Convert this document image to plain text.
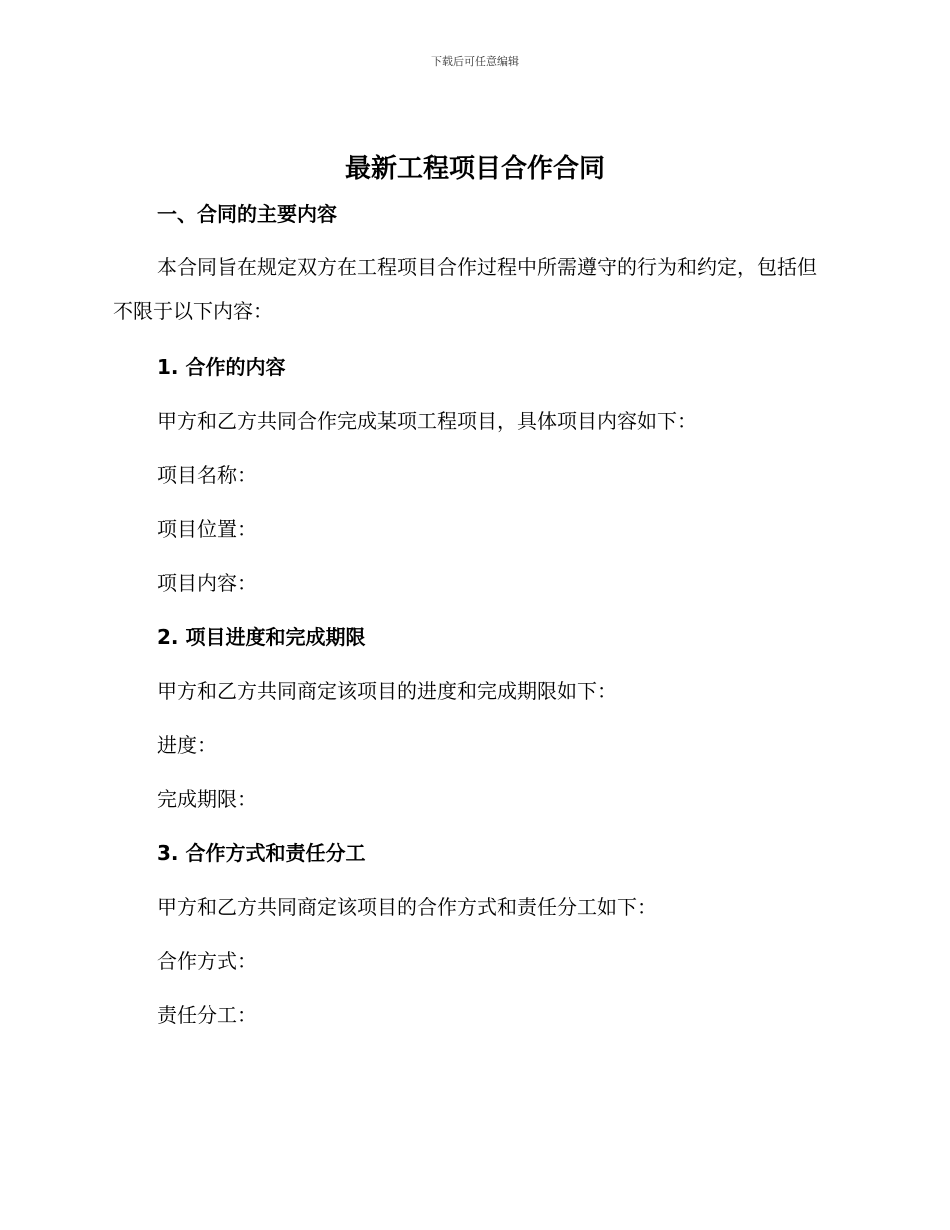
下载后可任意编辑
最新工程项目合作合同
一、合同的主要内容

本合同旨在规定双方在工程项目合作过程中所需遵守的行为和约定，包括但不限于以下内容：

1. 合作的内容
甲方和乙方共同合作完成某项工程项目，具体项目内容如下：
项目名称：
项目位置：
项目内容：
2. 项目进度和完成期限
甲方和乙方共同商定该项目的进度和完成期限如下：
进度：
完成期限：
3. 合作方式和责任分工
甲方和乙方共同商定该项目的合作方式和责任分工如下：
合作方式：
责任分工：
